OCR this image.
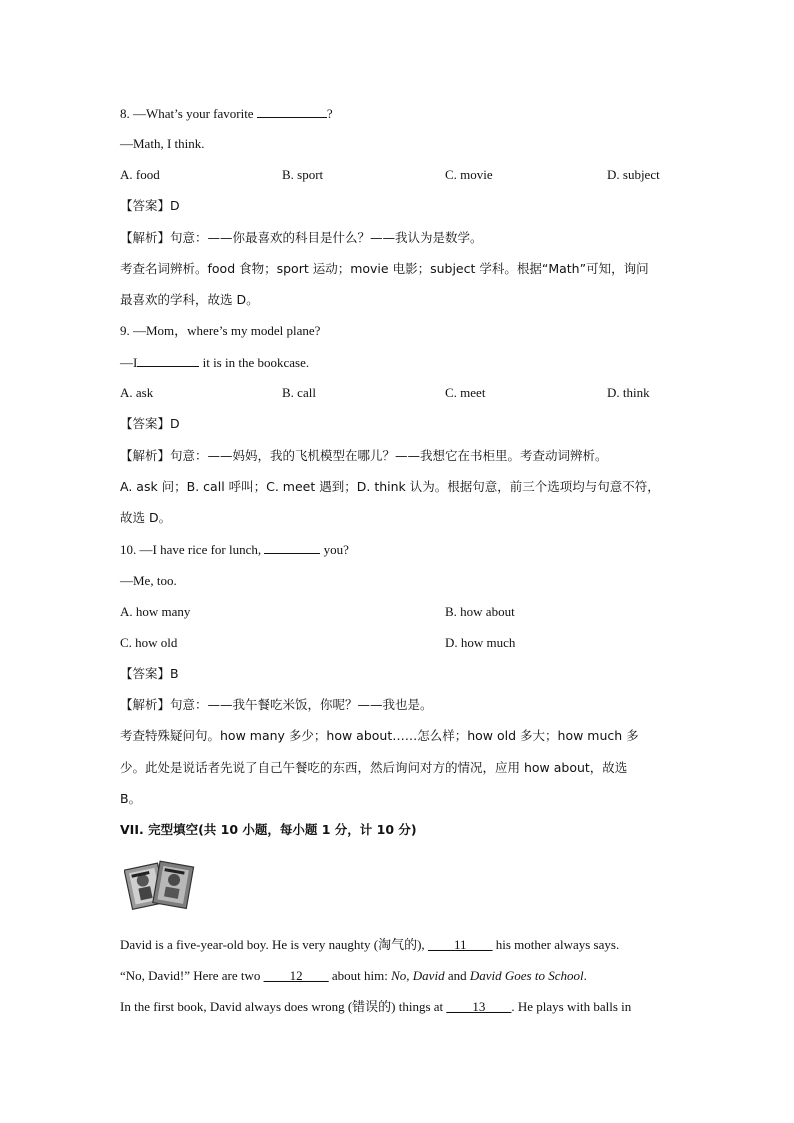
8. —What’s your favorite	?
—Math, I think.
A. food	B. sport	C. movie	D. subject
【答案】D
【解析】句意：——你最喜欢的科目是什么？——我认为是数学。
考查名词辨析。food 食物；sport 运动；movie 电影；subject 学科。根据“Math”可知，询问
最喜欢的学科，故选 D。
9. —Mom，where’s my model plane?
—I	it is in the bookcase.
A. ask	B. call	C. meet	D. think
【答案】D
【解析】句意：——妈妈，我的飞机模型在哪儿？——我想它在书柜里。考查动词辨析。
A. ask 问；B. call 呼叫；C. meet 遇到；D. think 认为。根据句意，前三个选项均与句意不符，
故选 D。
10. —I have rice for lunch,	you?
—Me, too.
A. how many	B. how about
C. how old	D. how much
【答案】B
【解析】句意：——我午餐吃米饭，你呢？——我也是。
考查特殊疑问句。how many 多少；how about……怎么样；how old 多大；how much 多
少。此处是说话者先说了自己午餐吃的东西，然后询问对方的情况，应用 how about，故选
B。
VII. 完型填空(共 10 小题，每小题 1 分，计 10 分)
David is a five-year-old boy. He is very naughty (淘气的), ____11____ his mother always says.
“No, David!” Here are two ____12____ about him: No, David and David Goes to School.
In the first book, David always does wrong (错误的) things at ____13____. He plays with balls in
